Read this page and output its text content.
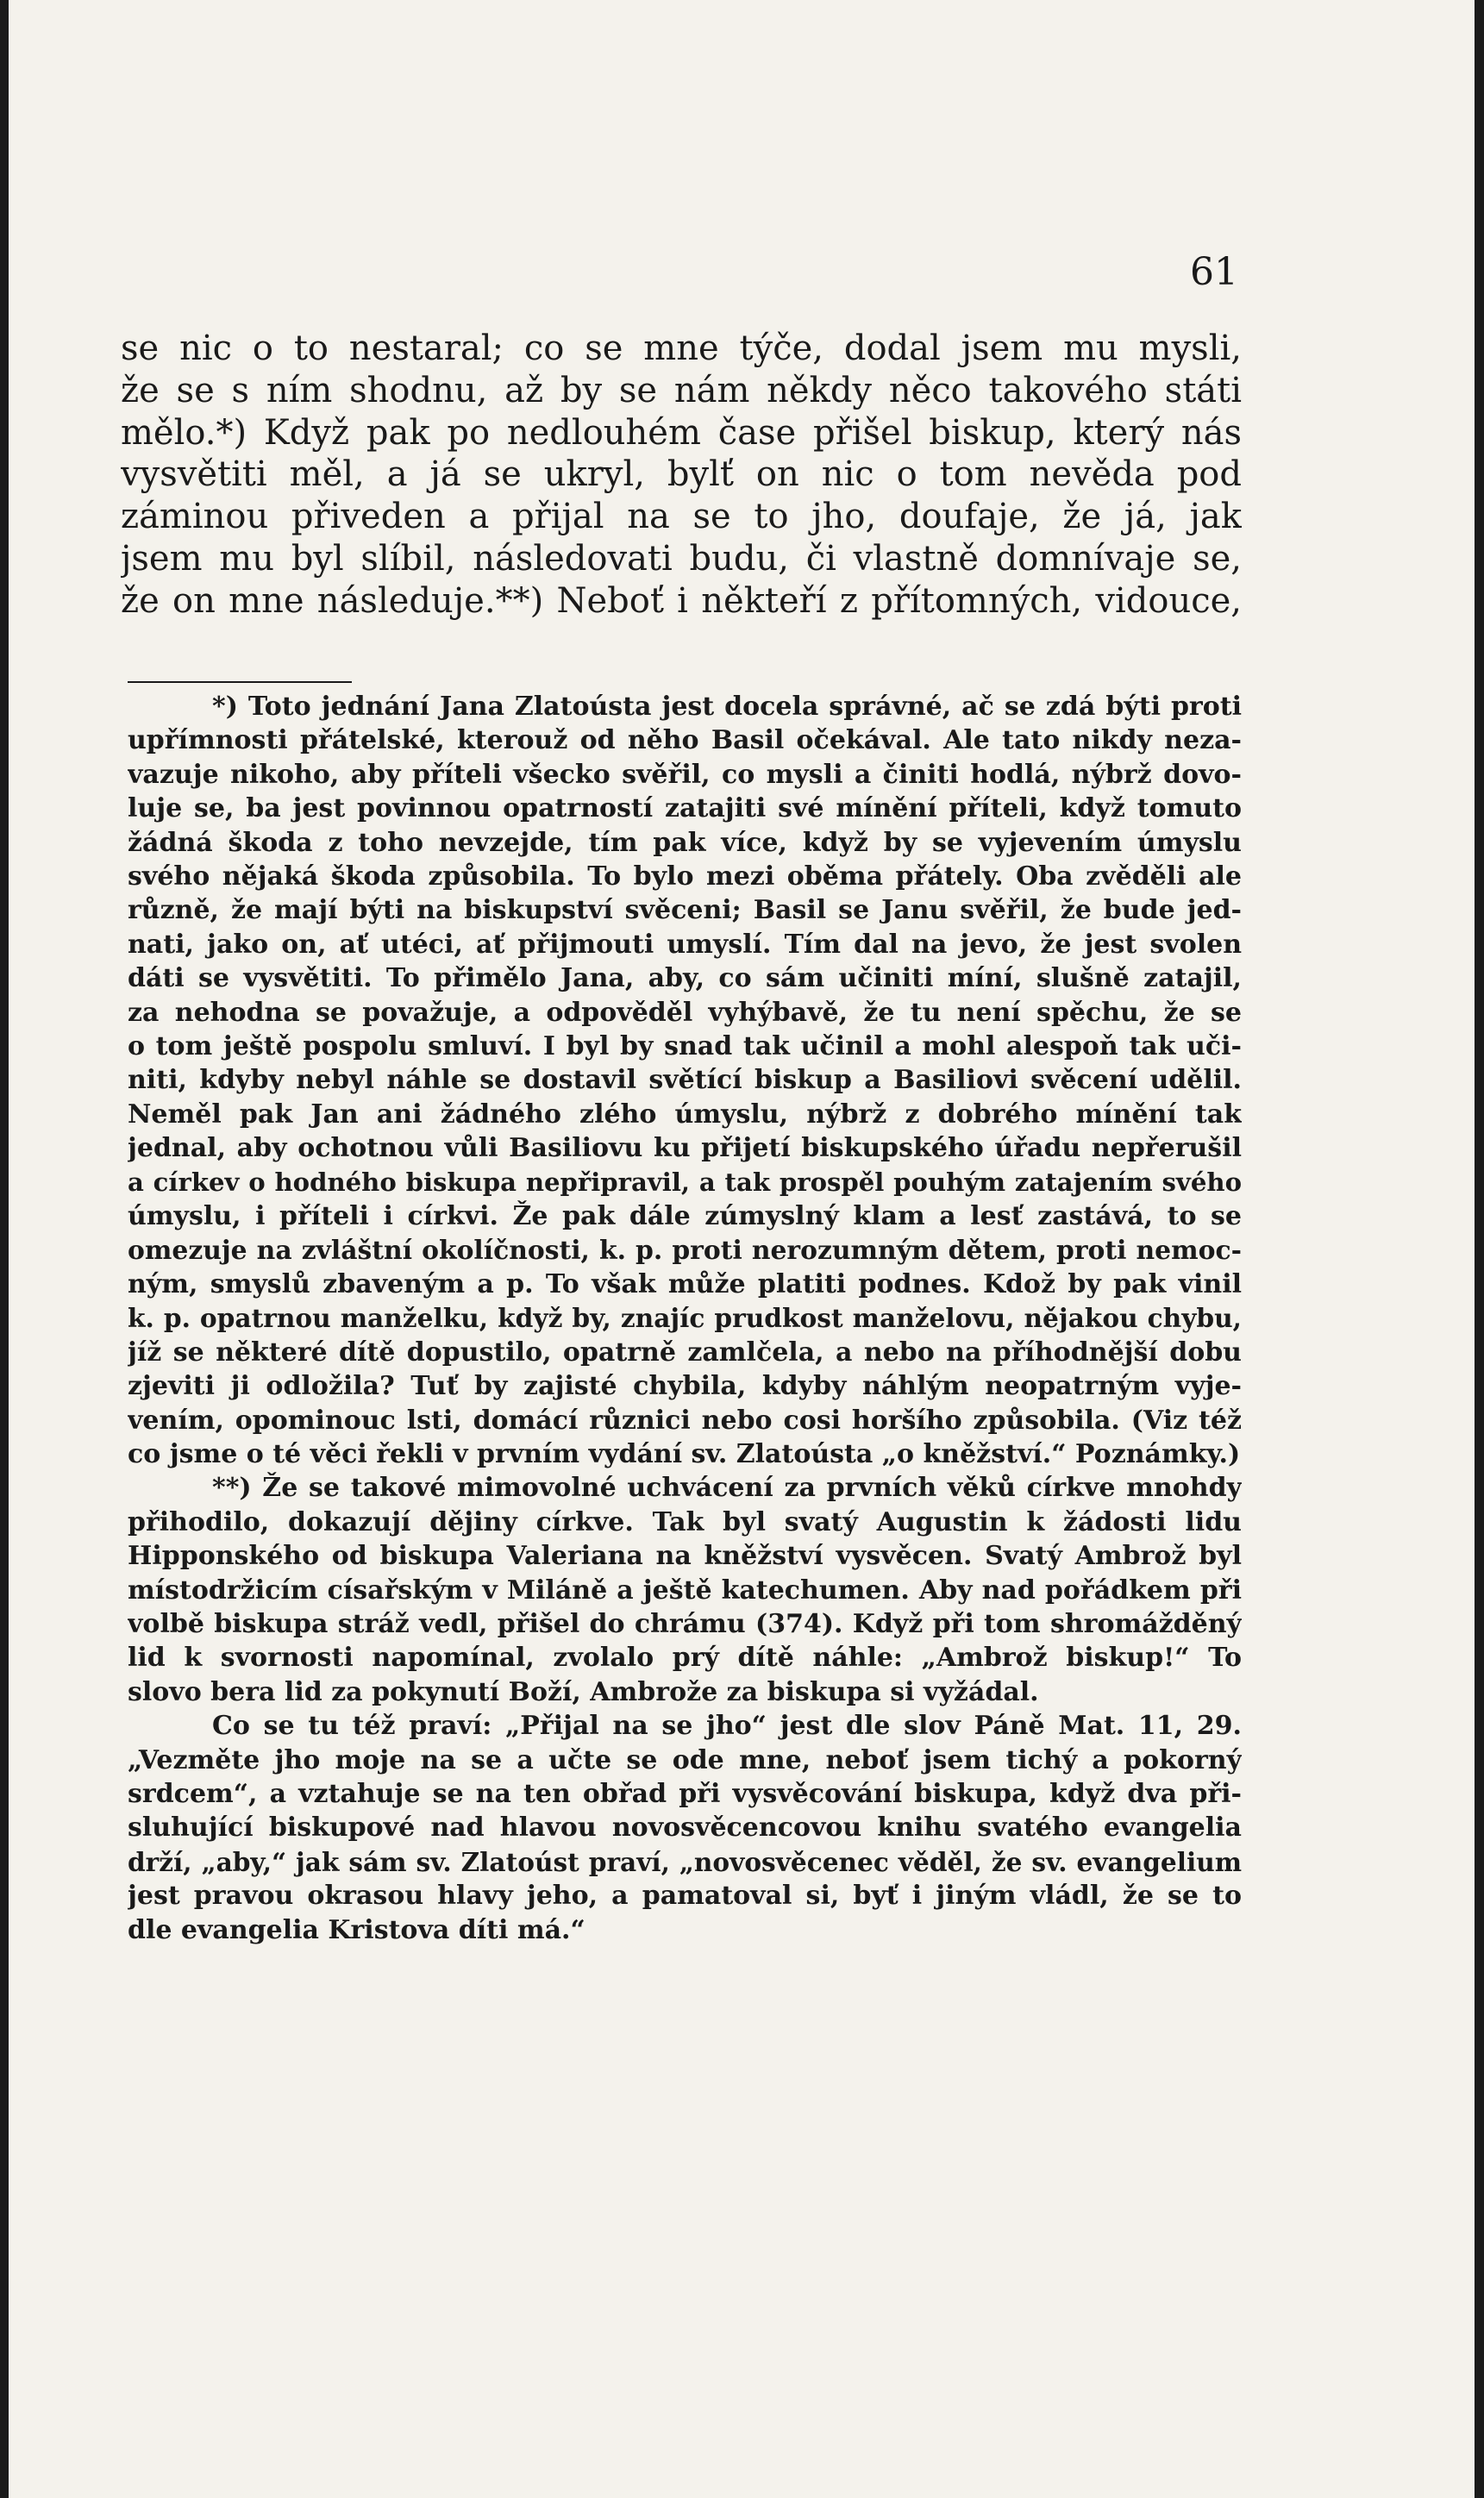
61
se nic o to nestaral; co se mne týče, dodal jsem mu mysli,
že se s ním shodnu, až by se nám někdy něco takového státi
mělo.*) Když pak po nedlouhém čase přišel biskup, který nás
vysvětiti měl, a já se ukryl, bylť on nic o tom nevěda pod
záminou přiveden a přijal na se to jho, doufaje, že já, jak
jsem mu byl slíbil, následovati budu, či vlastně domnívaje se,
že on mne následuje.**) Neboť i někteří z přítomných, vidouce,
*) Toto jednání Jana Zlatoústa jest docela správné, ač se zdá býti proti
upřímnosti přátelské, kterouž od něho Basil očekával. Ale tato nikdy neza-
vazuje nikoho, aby příteli všecko svěřil, co mysli a činiti hodlá, nýbrž dovo-
luje se, ba jest povinnou opatrností zatajiti své mínění příteli, když tomuto
žádná škoda z toho nevzejde, tím pak více, když by se vyjevením úmyslu
svého nějaká škoda způsobila. To bylo mezi oběma přátely. Oba zvěděli ale
různě, že mají býti na biskupství svěceni; Basil se Janu svěřil, že bude jed-
nati, jako on, ať utéci, ať přijmouti umyslí. Tím dal na jevo, že jest svolen
dáti se vysvětiti. To přimělo Jana, aby, co sám učiniti míní, slušně zatajil,
za nehodna se považuje, a odpověděl vyhýbavě, že tu není spěchu, že se
o tom ještě pospolu smluví. I byl by snad tak učinil a mohl alespoň tak uči-
niti, kdyby nebyl náhle se dostavil světící biskup a Basiliovi svěcení udělil.
Neměl pak Jan ani žádného zlého úmyslu, nýbrž z dobrého mínění tak
jednal, aby ochotnou vůli Basiliovu ku přijetí biskupského úřadu nepřerušil
a církev o hodného biskupa nepřipravil, a tak prospěl pouhým zatajením svého
úmyslu, i příteli i církvi. Že pak dále zúmyslný klam a lesť zastává, to se
omezuje na zvláštní okolíčnosti, k. p. proti nerozumným dětem, proti nemoc-
ným, smyslů zbaveným a p. To však může platiti podnes. Kdož by pak vinil
k. p. opatrnou manželku, když by, znajíc prudkost manželovu, nějakou chybu,
jíž se některé dítě dopustilo, opatrně zamlčela, a nebo na příhodnější dobu
zjeviti ji odložila? Tuť by zajisté chybila, kdyby náhlým neopatrným vyje-
vením, opominouc lsti, domácí různici nebo cosi horšího způsobila. (Viz též
co jsme o té věci řekli v prvním vydání sv. Zlatoústa „o kněžství.“ Poznámky.)
**) Že se takové mimovolné uchvácení za prvních věků církve mnohdy
přihodilo, dokazují dějiny církve. Tak byl svatý Augustin k žádosti lidu
Hipponského od biskupa Valeriana na kněžství vysvěcen. Svatý Ambrož byl
místodržicím císařským v Miláně a ještě katechumen. Aby nad pořádkem při
volbě biskupa stráž vedl, přišel do chrámu (374). Když při tom shromážděný
lid k svornosti napomínal, zvolalo prý dítě náhle: „Ambrož biskup!“ To
slovo bera lid za pokynutí Boží, Ambrože za biskupa si vyžádal.
Co se tu též praví: „Přijal na se jho“ jest dle slov Páně Mat. 11, 29.
„Vezměte jho moje na se a učte se ode mne, neboť jsem tichý a pokorný
srdcem“, a vztahuje se na ten obřad při vysvěcování biskupa, když dva při-
sluhující biskupové nad hlavou novosvěcencovou knihu svatého evangelia
drží, „aby,“ jak sám sv. Zlatoúst praví, „novosvěcenec věděl, že sv. evangelium
jest pravou okrasou hlavy jeho, a pamatoval si, byť i jiným vládl, že se to
dle evangelia Kristova díti má.“
